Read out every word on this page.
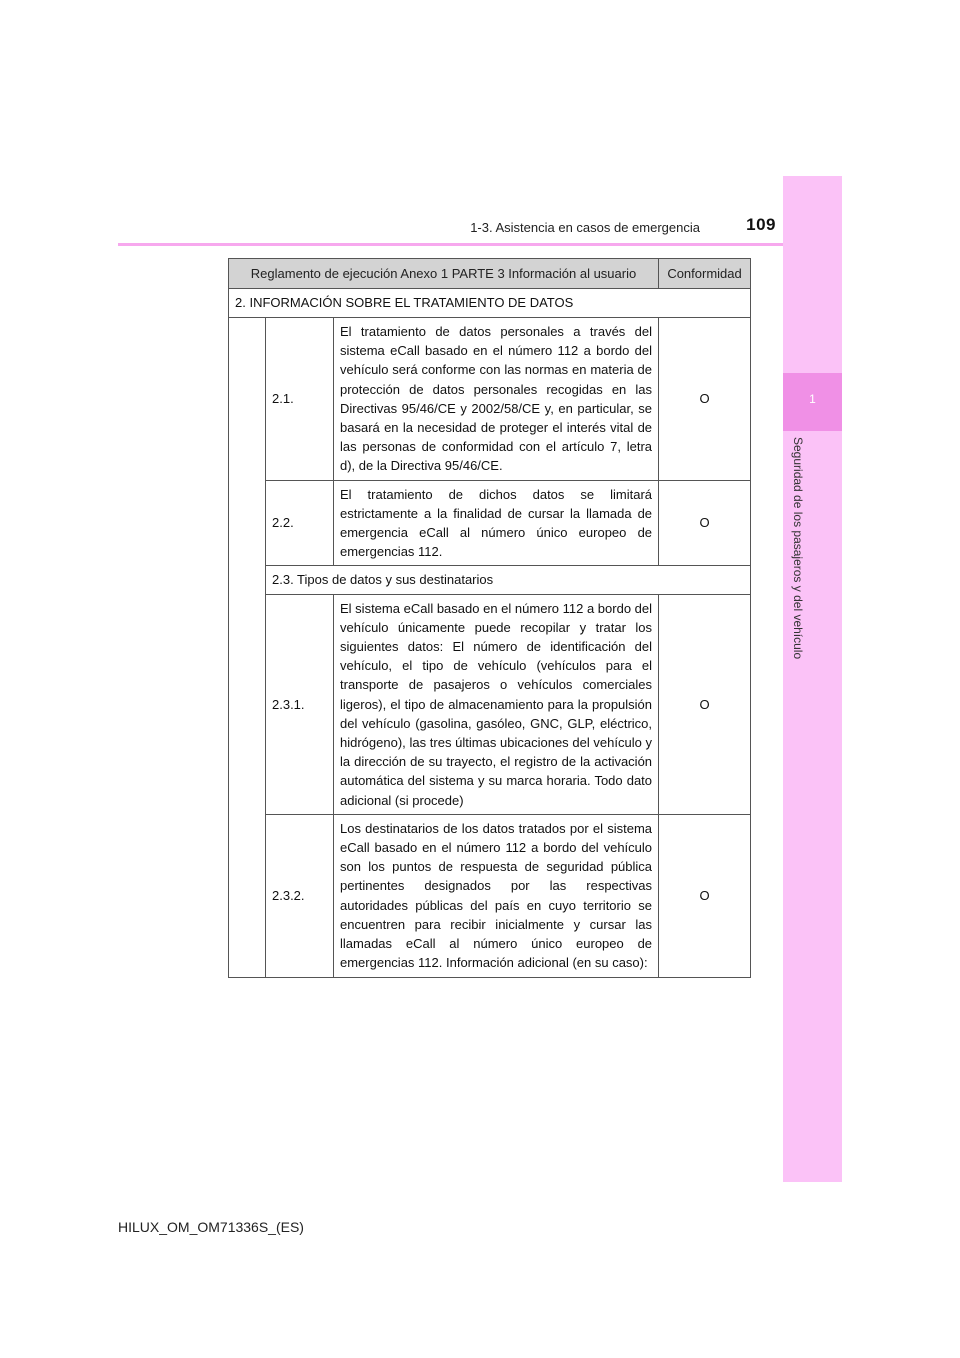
1-3. Asistencia en casos de emergencia	109
1
Seguridad de los pasajeros y del vehículo
Reglamento de ejecución Anexo 1 PARTE 3 Información al usuario			Conformidad
2. INFORMACIÓN SOBRE EL TRATAMIENTO DE DATOS			
	2.1.	El tratamiento de datos personales a través del sistema eCall basado en el número 112 a bordo del vehículo será conforme con las normas en materia de protección de datos personales recogidas en las Directivas 95/46/CE y 2002/58/CE y, en particular, se basará en la necesidad de proteger el interés vital de las personas de conformidad con el artículo 7, letra d), de la Directiva 95/46/CE.	O
	2.2.	El tratamiento de dichos datos se limitará estrictamente a la finalidad de cursar la llamada de emergencia eCall al número único europeo de emergencias 112.	O
	2.3. Tipos de datos y sus destinatarios		
	2.3.1.	El sistema eCall basado en el número 112 a bordo del vehículo únicamente puede recopilar y tratar los siguientes datos: El número de identificación del vehículo, el tipo de vehículo (vehículos para el transporte de pasajeros o vehículos comerciales ligeros), el tipo de almacenamiento para la propulsión del vehículo (gasolina, gasóleo, GNC, GLP, eléctrico, hidrógeno), las tres últimas ubicaciones del vehículo y la dirección de su trayecto, el registro de la activación automática del sistema y su marca horaria. Todo dato adicional (si procede)	O
	2.3.2.	Los destinatarios de los datos tratados por el sistema eCall basado en el número 112 a bordo del vehículo son los puntos de respuesta de seguridad pública pertinentes designados por las respectivas autoridades públicas del país en cuyo territorio se encuentren para recibir inicialmente y cursar las llamadas eCall al número único europeo de emergencias 112. Información adicional (en su caso):	O
HILUX_OM_OM71336S_(ES)
